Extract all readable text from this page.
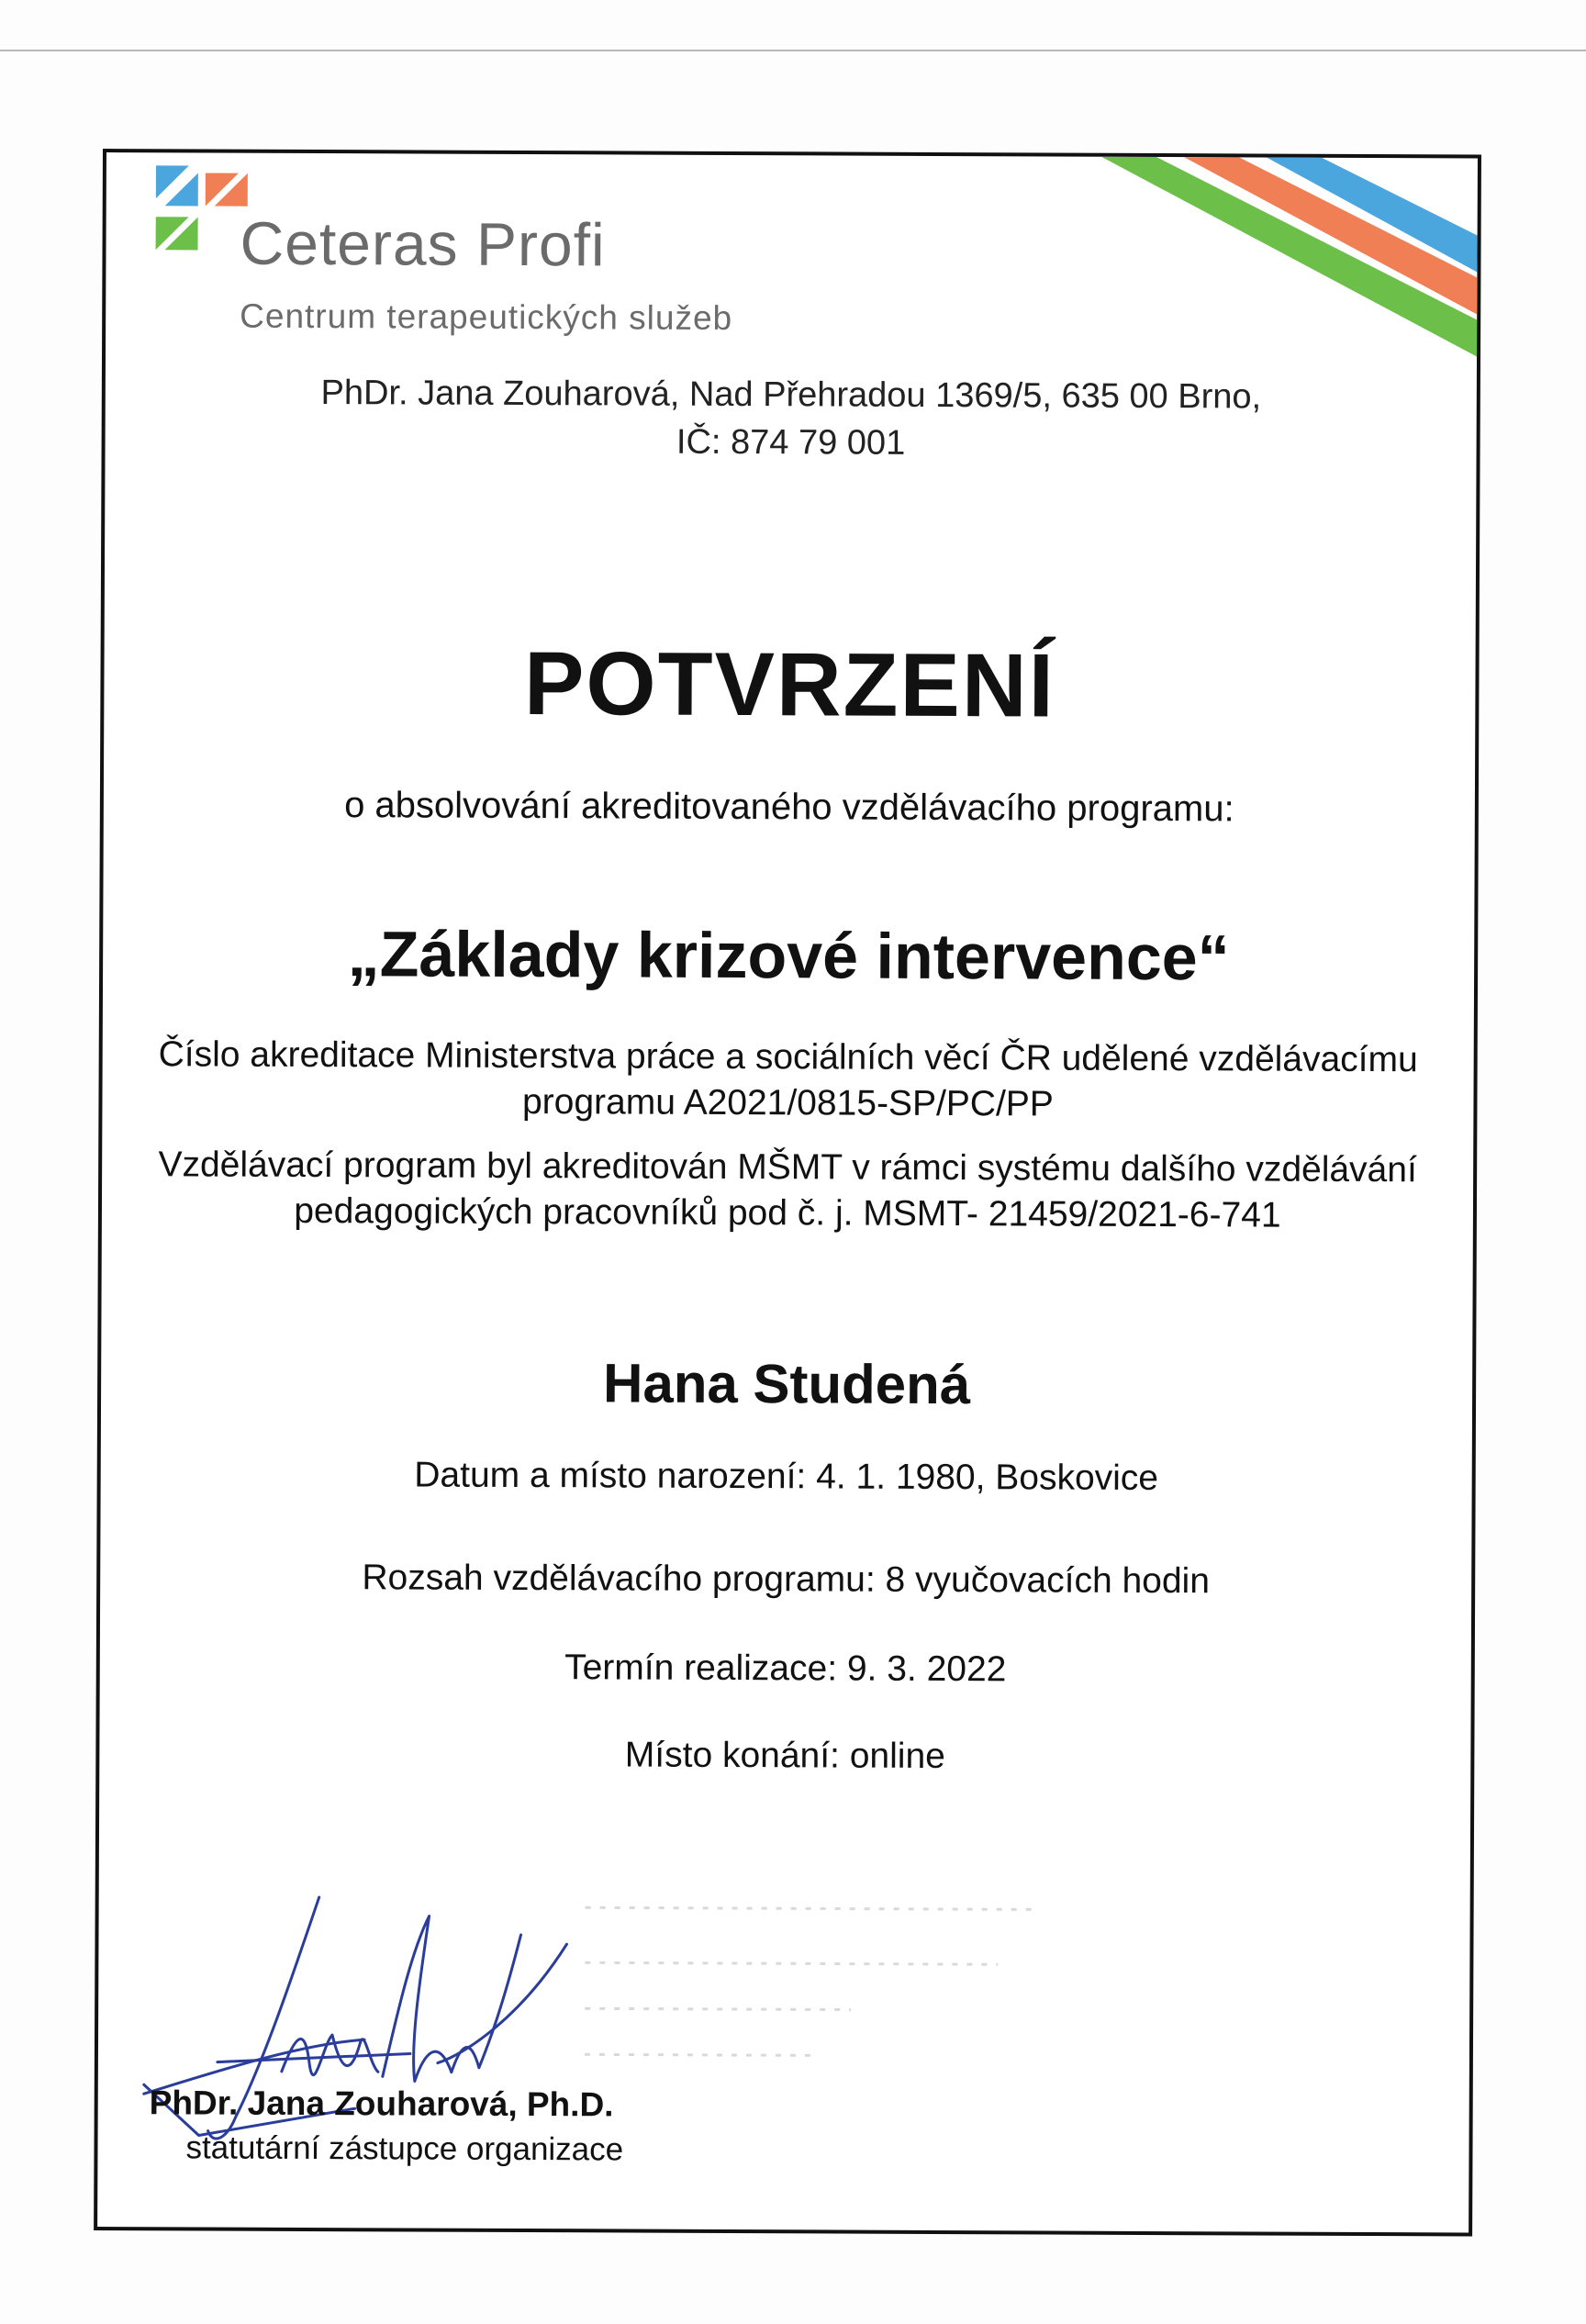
Ceteras Profi
Centrum terapeutických služeb
PhDr. Jana Zouharová, Nad Přehradou 1369/5, 635 00 Brno,
IČ: 874 79 001
POTVRZENÍ
o absolvování akreditovaného vzdělávacího programu:
„Základy krizové intervence“
Číslo akreditace Ministerstva práce a sociálních věcí ČR udělené vzdělávacímu
programu A2021/0815-SP/PC/PP
Vzdělávací program byl akreditován MŠMT v rámci systému dalšího vzdělávání
pedagogických pracovníků pod č. j. MSMT- 21459/2021-6-741
Hana Studená
Datum a místo narození: 4. 1. 1980, Boskovice
Rozsah vzdělávacího programu: 8 vyučovacích hodin
Termín realizace: 9. 3. 2022
Místo konání: online
PhDr. Jana Zouharová, Ph.D.
statutární zástupce organizace
